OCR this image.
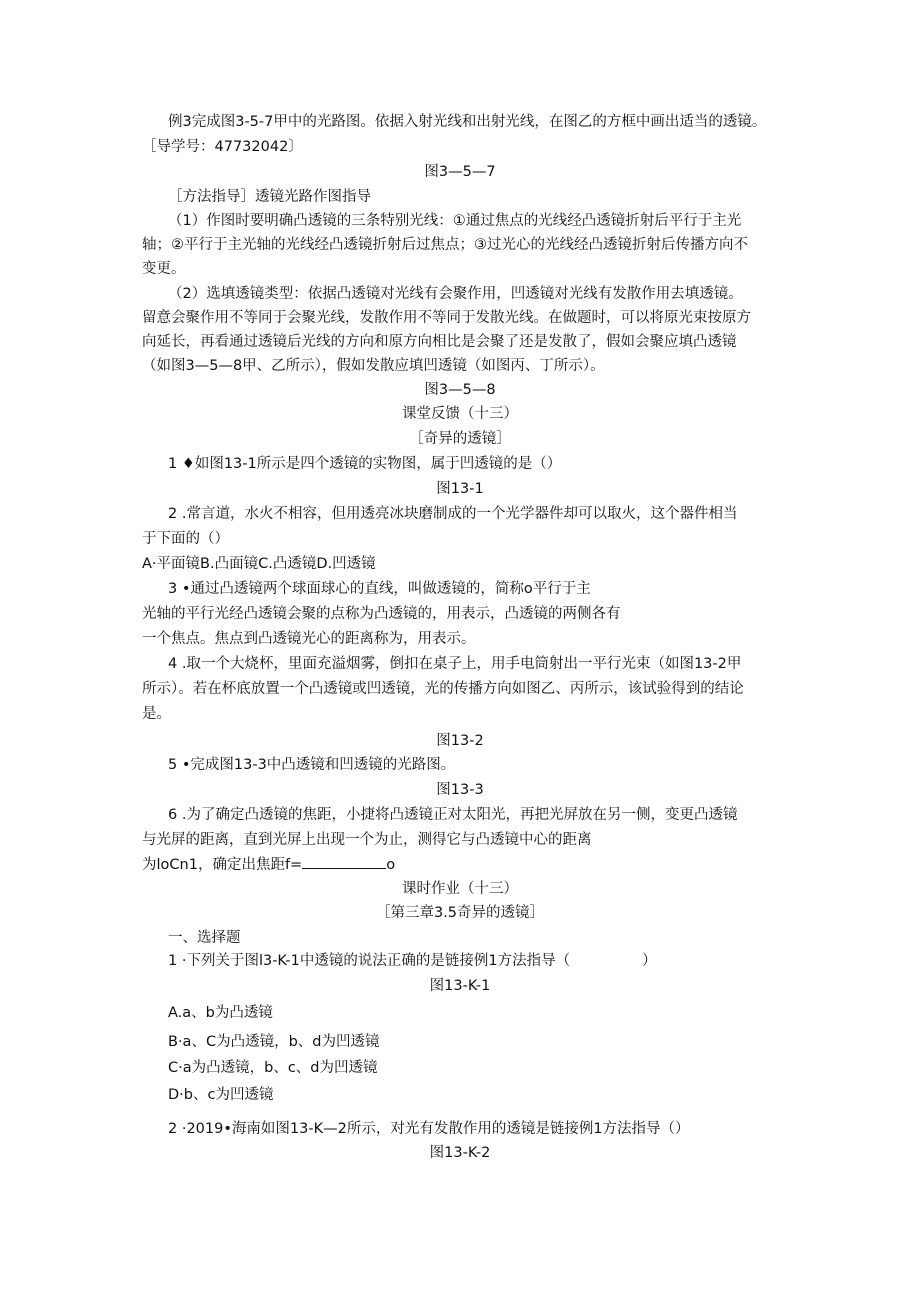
例3完成图3-5-7甲中的光路图。依据入射光线和出射光线，在图乙的方框中画出适当的透镜。
［导学号：47732042〕
图3—5—7
［方法指导］透镜光路作图指导
（1）作图时要明确凸透镜的三条特别光线：①通过焦点的光线经凸透镜折射后平行于主光
轴；②平行于主光轴的光线经凸透镜折射后过焦点；③过光心的光线经凸透镜折射后传播方向不
变更。
（2）选填透镜类型：依据凸透镜对光线有会聚作用，凹透镜对光线有发散作用去填透镜。
留意会聚作用不等同于会聚光线，发散作用不等同于发散光线。在做题时，可以将原光束按原方
向延长，再看通过透镜后光线的方向和原方向相比是会聚了还是发散了，假如会聚应填凸透镜
（如图3—5—8甲、乙所示），假如发散应填凹透镜（如图丙、丁所示）。
图3—5—8
课堂反馈（十三）
［奇异的透镜］
1 ♦如图13-1所示是四个透镜的实物图，属于凹透镜的是（）
图13-1
2 .常言道，水火不相容，但用透亮冰块磨制成的一个光学器件却可以取火，这个器件相当
于下面的（）
A·平面镜B.凸面镜C.凸透镜D.凹透镜
3 •通过凸透镜两个球面球心的直线，叫做透镜的，简称o平行于主
光轴的平行光经凸透镜会聚的点称为凸透镜的，用表示，凸透镜的两侧各有
一个焦点。焦点到凸透镜光心的距离称为，用表示。
4 .取一个大烧杯，里面充溢烟雾，倒扣在桌子上，用手电筒射出一平行光束（如图13-2甲
所示）。若在杯底放置一个凸透镜或凹透镜，光的传播方向如图乙、丙所示，该试验得到的结论
是。
图13-2
5 •完成图13-3中凸透镜和凹透镜的光路图。
图13-3
6 .为了确定凸透镜的焦距，小捷将凸透镜正对太阳光，再把光屏放在另一侧，变更凸透镜
与光屏的距离，直到光屏上出现一个为止，测得它与凸透镜中心的距离
为loCn1，确定出焦距f=	o
课时作业（十三）
［第三章3.5奇异的透镜］
一、选择题
1 ·下列关于图l3-K-1中透镜的说法正确的是链接例1方法指导（	）
图13-K-1
A.a、b为凸透镜
B·a、C为凸透镜，b、d为凹透镜
C·a为凸透镜，b、c、d为凹透镜
D·b、c为凹透镜
2 ·2019•海南如图13-K—2所示，对光有发散作用的透镜是链接例1方法指导（）
图13-K-2
